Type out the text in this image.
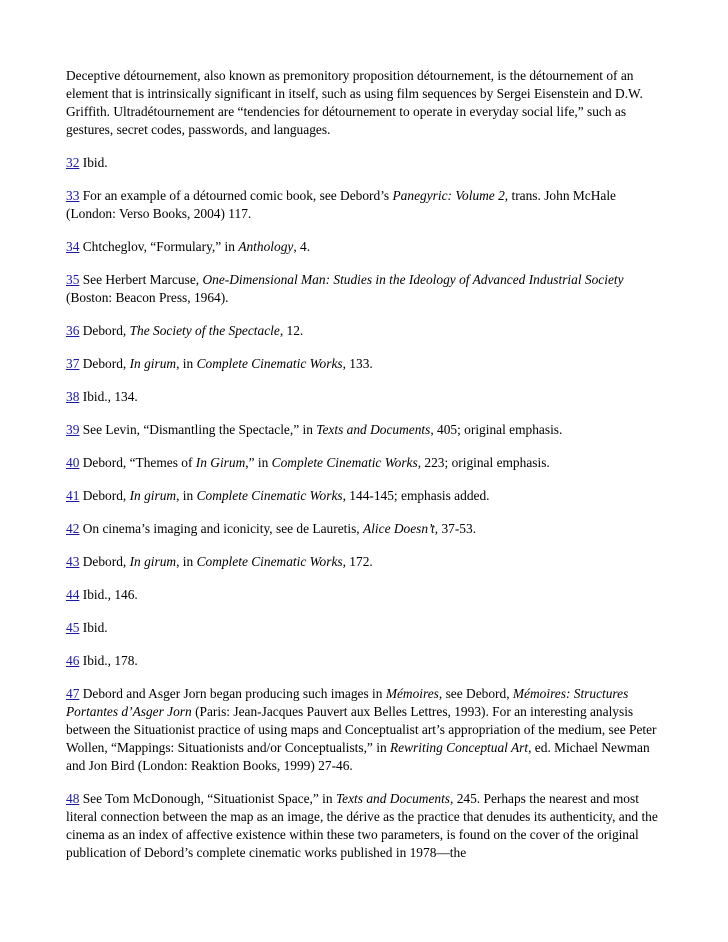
Deceptive détournement, also known as premonitory proposition détournement, is the détournement of an element that is intrinsically significant in itself, such as using film sequences by Sergei Eisenstein and D.W. Griffith. Ultradétournement are “tendencies for détournement to operate in everyday social life,” such as gestures, secret codes, passwords, and languages.

32 Ibid.

33 For an example of a détourned comic book, see Debord’s Panegyric: Volume 2, trans. John McHale (London: Verso Books, 2004) 117.

34 Chtcheglov, “Formulary,” in Anthology, 4.

35 See Herbert Marcuse, One-Dimensional Man: Studies in the Ideology of Advanced Industrial Society (Boston: Beacon Press, 1964).

36 Debord, The Society of the Spectacle, 12.

37 Debord, In girum, in Complete Cinematic Works, 133.

38 Ibid., 134.

39 See Levin, “Dismantling the Spectacle,” in Texts and Documents, 405; original emphasis.

40 Debord, “Themes of In Girum,” in Complete Cinematic Works, 223; original emphasis.

41 Debord, In girum, in Complete Cinematic Works, 144-145; emphasis added.

42 On cinema’s imaging and iconicity, see de Lauretis, Alice Doesn’t, 37-53.

43 Debord, In girum, in Complete Cinematic Works, 172.

44 Ibid., 146.

45 Ibid.

46 Ibid., 178.

47 Debord and Asger Jorn began producing such images in Mémoires, see Debord, Mémoires: Structures Portantes d’Asger Jorn (Paris: Jean-Jacques Pauvert aux Belles Lettres, 1993). For an interesting analysis between the Situationist practice of using maps and Conceptualist art’s appropriation of the medium, see Peter Wollen, “Mappings: Situationists and/or Conceptualists,” in Rewriting Conceptual Art, ed. Michael Newman and Jon Bird (London: Reaktion Books, 1999) 27-46.

48 See Tom McDonough, “Situationist Space,” in Texts and Documents, 245. Perhaps the nearest and most literal connection between the map as an image, the dérive as the practice that denudes its authenticity, and the cinema as an index of affective existence within these two parameters, is found on the cover of the original publication of Debord’s complete cinematic works published in 1978—the
